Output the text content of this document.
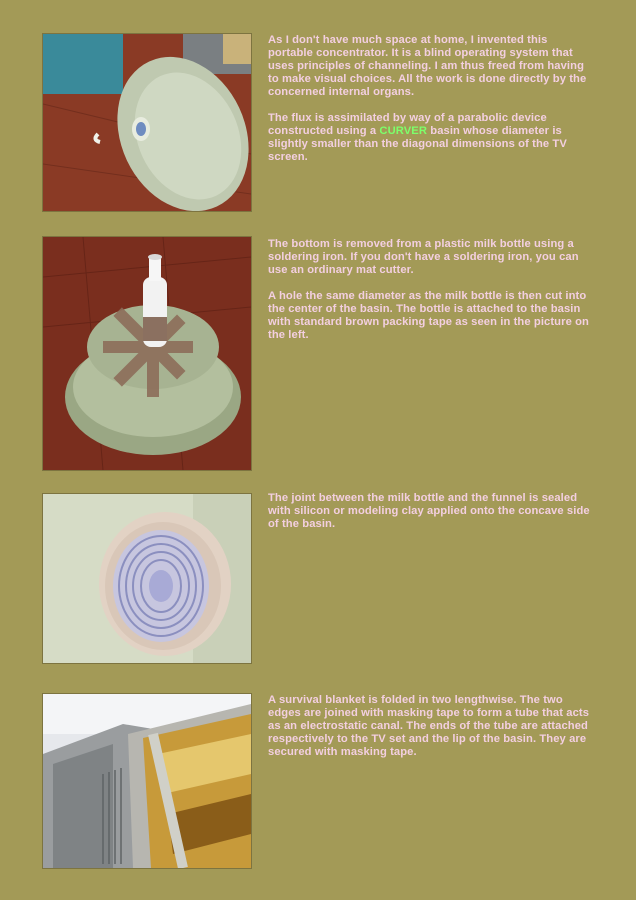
As I don't have much space at home, I invented this portable concentrator. It is a blind operating system that uses principles of channeling. I am thus freed from having to make visual choices. All the work is done directly by the concerned internal organs.

The flux is assimilated by way of a parabolic device constructed using a CURVER basin whose diameter is slightly smaller than the diagonal dimensions of the TV screen.

The bottom is removed from a plastic milk bottle using a soldering iron. If you don't have a soldering iron, you can use an ordinary mat cutter.

A hole the same diameter as the milk bottle is then cut into the center of the basin. The bottle is attached to the basin with standard brown packing tape as seen in the picture on the left.

The joint between the milk bottle and the funnel is sealed with silicon or modeling clay applied onto the concave side of the basin.

A survival blanket is folded in two lengthwise. The two edges are joined with masking tape to form a tube that acts as an electrostatic canal. The ends of the tube are attached respectively to the TV set and the lip of the basin. They are secured with masking tape.
